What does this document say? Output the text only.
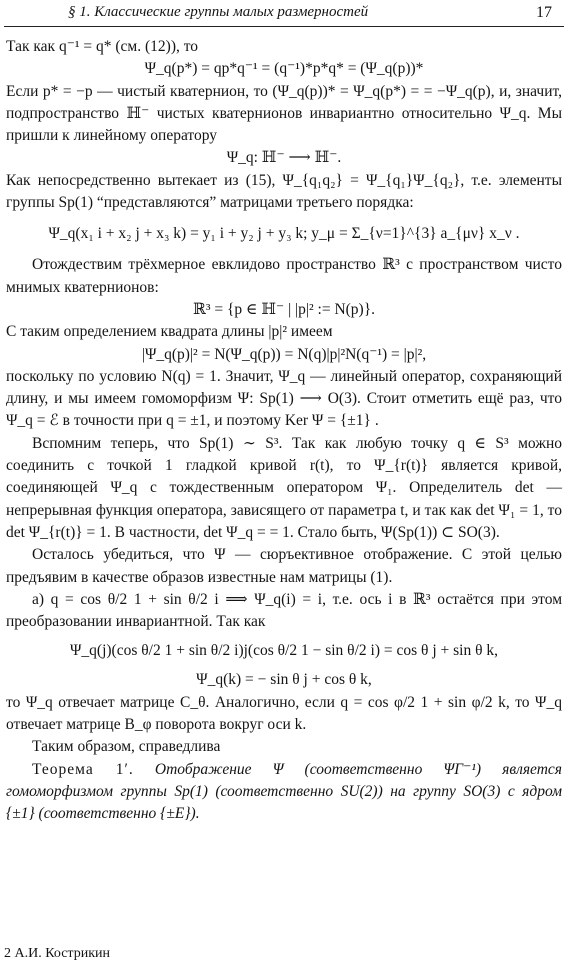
§ 1. Классические группы малых размерностей	17

Так как q⁻¹ = q* (см. (12)), то

Ψ_q(p*) = qp*q⁻¹ = (q⁻¹)*p*q* = (Ψ_q(p))*

Если p* = −p — чистый кватернион, то (Ψ_q(p))* = Ψ_q(p*) = = −Ψ_q(p), и, значит, подпространство ℍ⁻ чистых кватернионов инвариантно относительно Ψ_q. Мы пришли к линейному оператору

Ψ_q: ℍ⁻ ⟶ ℍ⁻.

Как непосредственно вытекает из (15), Ψ_{q₁q₂} = Ψ_{q₁}Ψ_{q₂}, т.е. элементы группы Sp(1) “представляются” матрицами третьего порядка:

Ψ_q(x₁ i + x₂ j + x₃ k) = y₁ i + y₂ j + y₃ k; y_μ = Σ_{ν=1}^{3} a_{μν} x_ν .

Отождествим трёхмерное евклидово пространство ℝ³ с пространством чисто мнимых кватернионов:

ℝ³ = {p ∈ ℍ⁻ | |p|² := N(p)}.

С таким определением квадрата длины |p|² имеем

|Ψ_q(p)|² = N(Ψ_q(p)) = N(q)|p|²N(q⁻¹) = |p|²,

поскольку по условию N(q) = 1. Значит, Ψ_q — линейный оператор, сохраняющий длину, и мы имеем гомоморфизм Ψ: Sp(1) ⟶ O(3). Стоит отметить ещё раз, что Ψ_q = ℰ в точности при q = ±1, и поэтому Ker Ψ = {±1} .

Вспомним теперь, что Sp(1) ∼ S³. Так как любую точку q ∈ S³ можно соединить с точкой 1 гладкой кривой r(t), то Ψ_{r(t)} является кривой, соединяющей Ψ_q с тождественным оператором Ψ₁. Определитель det — непрерывная функция оператора, зависящего от параметра t, и так как det Ψ₁ = 1, то det Ψ_{r(t)} = 1. В частности, det Ψ_q = = 1. Стало быть, Ψ(Sp(1)) ⊂ SO(3).

Осталось убедиться, что Ψ — сюръективное отображение. С этой целью предъявим в качестве образов известные нам матрицы (1).

а) q = cos θ/2 1 + sin θ/2 i ⟹ Ψ_q(i) = i, т.е. ось i в ℝ³ остаётся при этом преобразовании инвариантной. Так как

Ψ_q(j)(cos θ/2 1 + sin θ/2 i)j(cos θ/2 1 − sin θ/2 i) = cos θ j + sin θ k,

Ψ_q(k) = − sin θ j + cos θ k,

то Ψ_q отвечает матрице C_θ. Аналогично, если q = cos φ/2 1 + sin φ/2 k, то Ψ_q отвечает матрице B_φ поворота вокруг оси k.

Таким образом, справедлива

Теорема 1′. Отображение Ψ (соответственно ΨΓ⁻¹) является гомоморфизмом группы Sp(1) (соответственно SU(2)) на группу SO(3) с ядром {±1} (соответственно {±E}).

2 А.И. Кострикин
